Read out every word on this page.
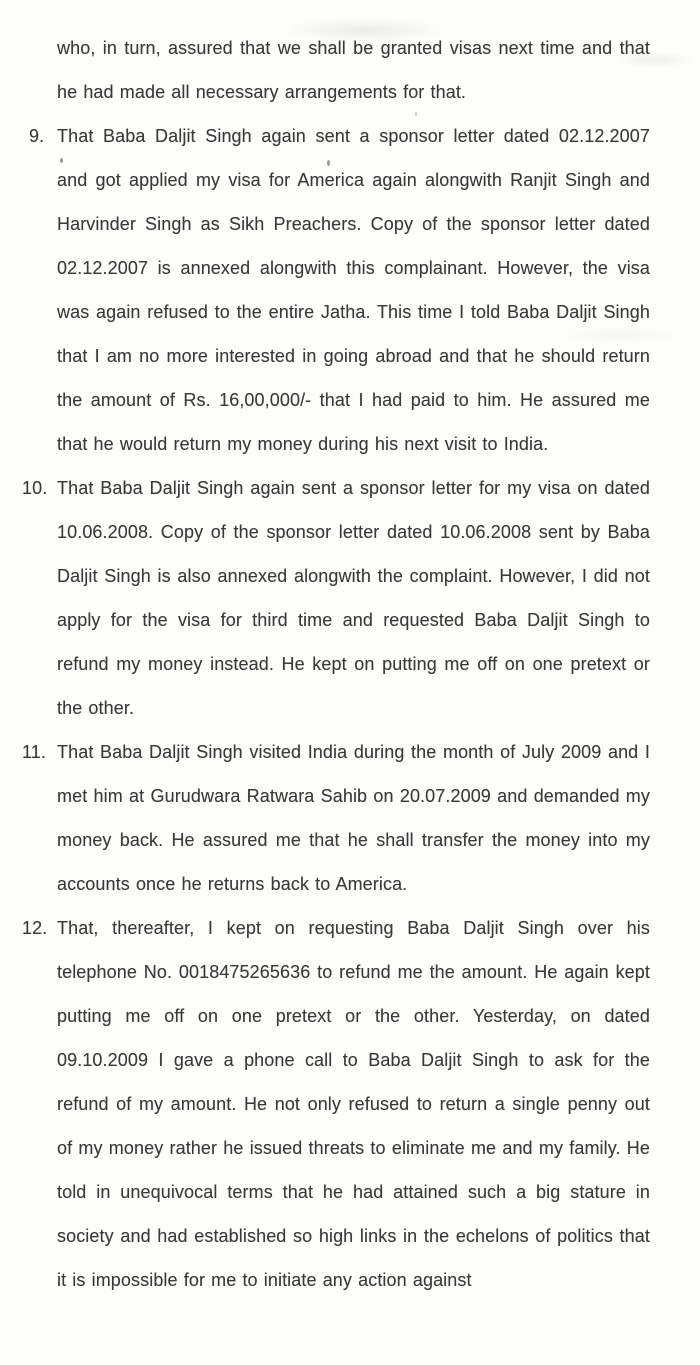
who, in turn, assured that we shall be granted visas next time and that he had made all necessary arrangements for that.

9. That Baba Daljit Singh again sent a sponsor letter dated 02.12.2007 and got applied my visa for America again alongwith Ranjit Singh and Harvinder Singh as Sikh Preachers. Copy of the sponsor letter dated 02.12.2007 is annexed alongwith this complainant. However, the visa was again refused to the entire Jatha. This time I told Baba Daljit Singh that I am no more interested in going abroad and that he should return the amount of Rs. 16,00,000/- that I had paid to him. He assured me that he would return my money during his next visit to India.
10. That Baba Daljit Singh again sent a sponsor letter for my visa on dated 10.06.2008. Copy of the sponsor letter dated 10.06.2008 sent by Baba Daljit Singh is also annexed alongwith the complaint. However, I did not apply for the visa for third time and requested Baba Daljit Singh to refund my money instead. He kept on putting me off on one pretext or the other.
11. That Baba Daljit Singh visited India during the month of July 2009 and I met him at Gurudwara Ratwara Sahib on 20.07.2009 and demanded my money back. He assured me that he shall transfer the money into my accounts once he returns back to America.
12. That, thereafter, I kept on requesting Baba Daljit Singh over his telephone No. 0018475265636 to refund me the amount. He again kept putting me off on one pretext or the other. Yesterday, on dated 09.10.2009 I gave a phone call to Baba Daljit Singh to ask for the refund of my amount. He not only refused to return a single penny out of my money rather he issued threats to eliminate me and my family. He told in unequivocal terms that he had attained such a big stature in society and had established so high links in the echelons of politics that it is impossible for me to initiate any action against
